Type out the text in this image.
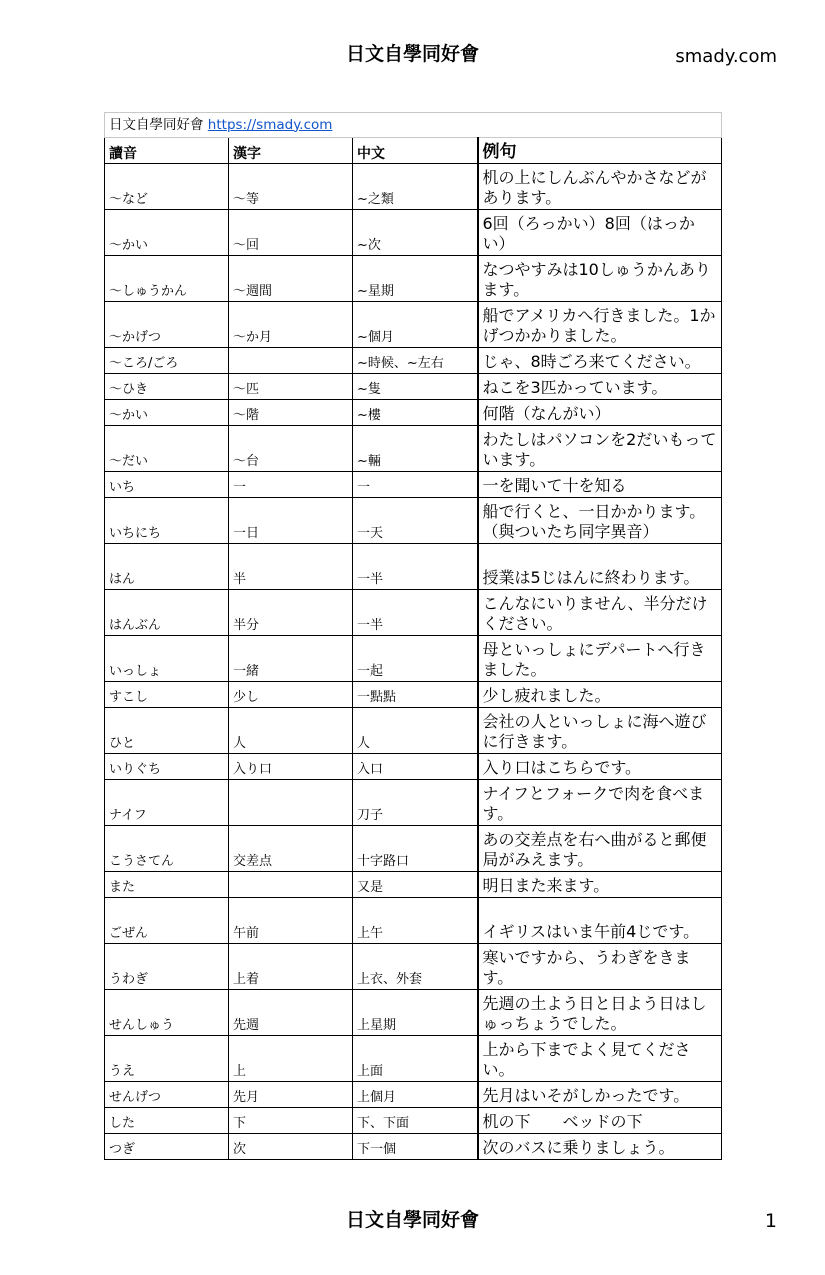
日文自學同好會	smady.com
日文自學同好會 https://smady.com			
讀音	漢字	中文	例句
～など	～等	~之類	机の上にしんぶんやかさなどがあります。
～かい	～回	~次	6回（ろっかい）8回（はっかい）
～しゅうかん	～週間	~星期	なつやすみは10しゅうかんあります。
～かげつ	～か月	~個月	船でアメリカへ行きました。1かげつかかりました。
～ころ/ごろ		~時候、~左右	じゃ、8時ごろ来てください。
～ひき	～匹	~隻	ねこを3匹かっています。
～かい	～階	~樓	何階（なんがい）
～だい	～台	~輛	わたしはパソコンを2だいもっています。
いち	一	一	一を聞いて十を知る
いちにち	一日	一天	船で行くと、一日かかります。（與ついたち同字異音）
はん	半	一半	授業は5じはんに終わります。
はんぶん	半分	一半	こんなにいりません、半分だけください。
いっしょ	一緒	一起	母といっしょにデパートへ行きました。
すこし	少し	一點點	少し疲れました。
ひと	人	人	会社の人といっしょに海へ遊びに行きます。
いりぐち	入り口	入口	入り口はこちらです。
ナイフ		刀子	ナイフとフォークで肉を食べます。
こうさてん	交差点	十字路口	あの交差点を右へ曲がると郵便局がみえます。
また		又是	明日また来ます。
ごぜん	午前	上午	イギリスはいま午前4じです。
うわぎ	上着	上衣、外套	寒いですから、うわぎをきます。
せんしゅう	先週	上星期	先週の土よう日と日よう日はしゅっちょうでした。
うえ	上	上面	上から下までよく見てください。
せんげつ	先月	上個月	先月はいそがしかったです。
した	下	下、下面	机の下　　ベッドの下
つぎ	次	下一個	次のバスに乗りましょう。
日文自學同好會	1
